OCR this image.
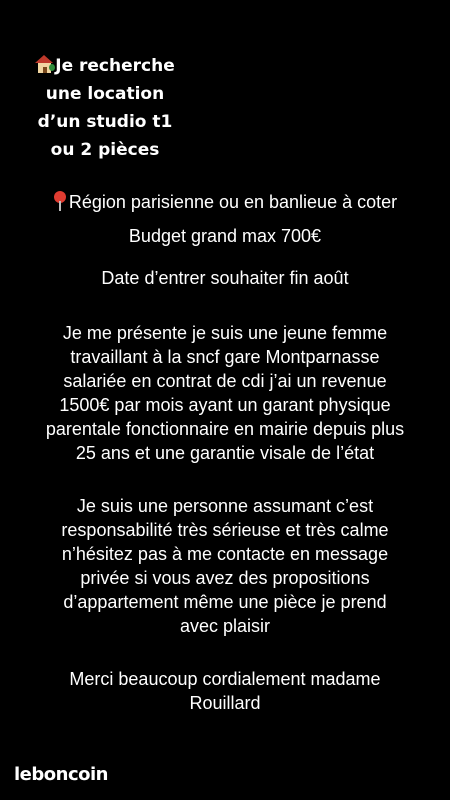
Je recherche
une location
d’un studio t1
ou 2 pièces
Région parisienne ou en banlieue à coter
Budget grand max 700€
Date d’entrer souhaiter fin août
Je me présente je suis une jeune femme
travaillant à la sncf gare Montparnasse
salariée en contrat de cdi j’ai un revenue
1500€ par mois ayant un garant physique
parentale fonctionnaire en mairie depuis plus
25 ans et une garantie visale de l’état
Je suis une personne assumant c’est
responsabilité très sérieuse et très calme
n’hésitez pas à me contacte en message
privée si vous avez des propositions
d’appartement même une pièce je prend
avec plaisir
Merci beaucoup cordialement madame
Rouillard
leboncoin
